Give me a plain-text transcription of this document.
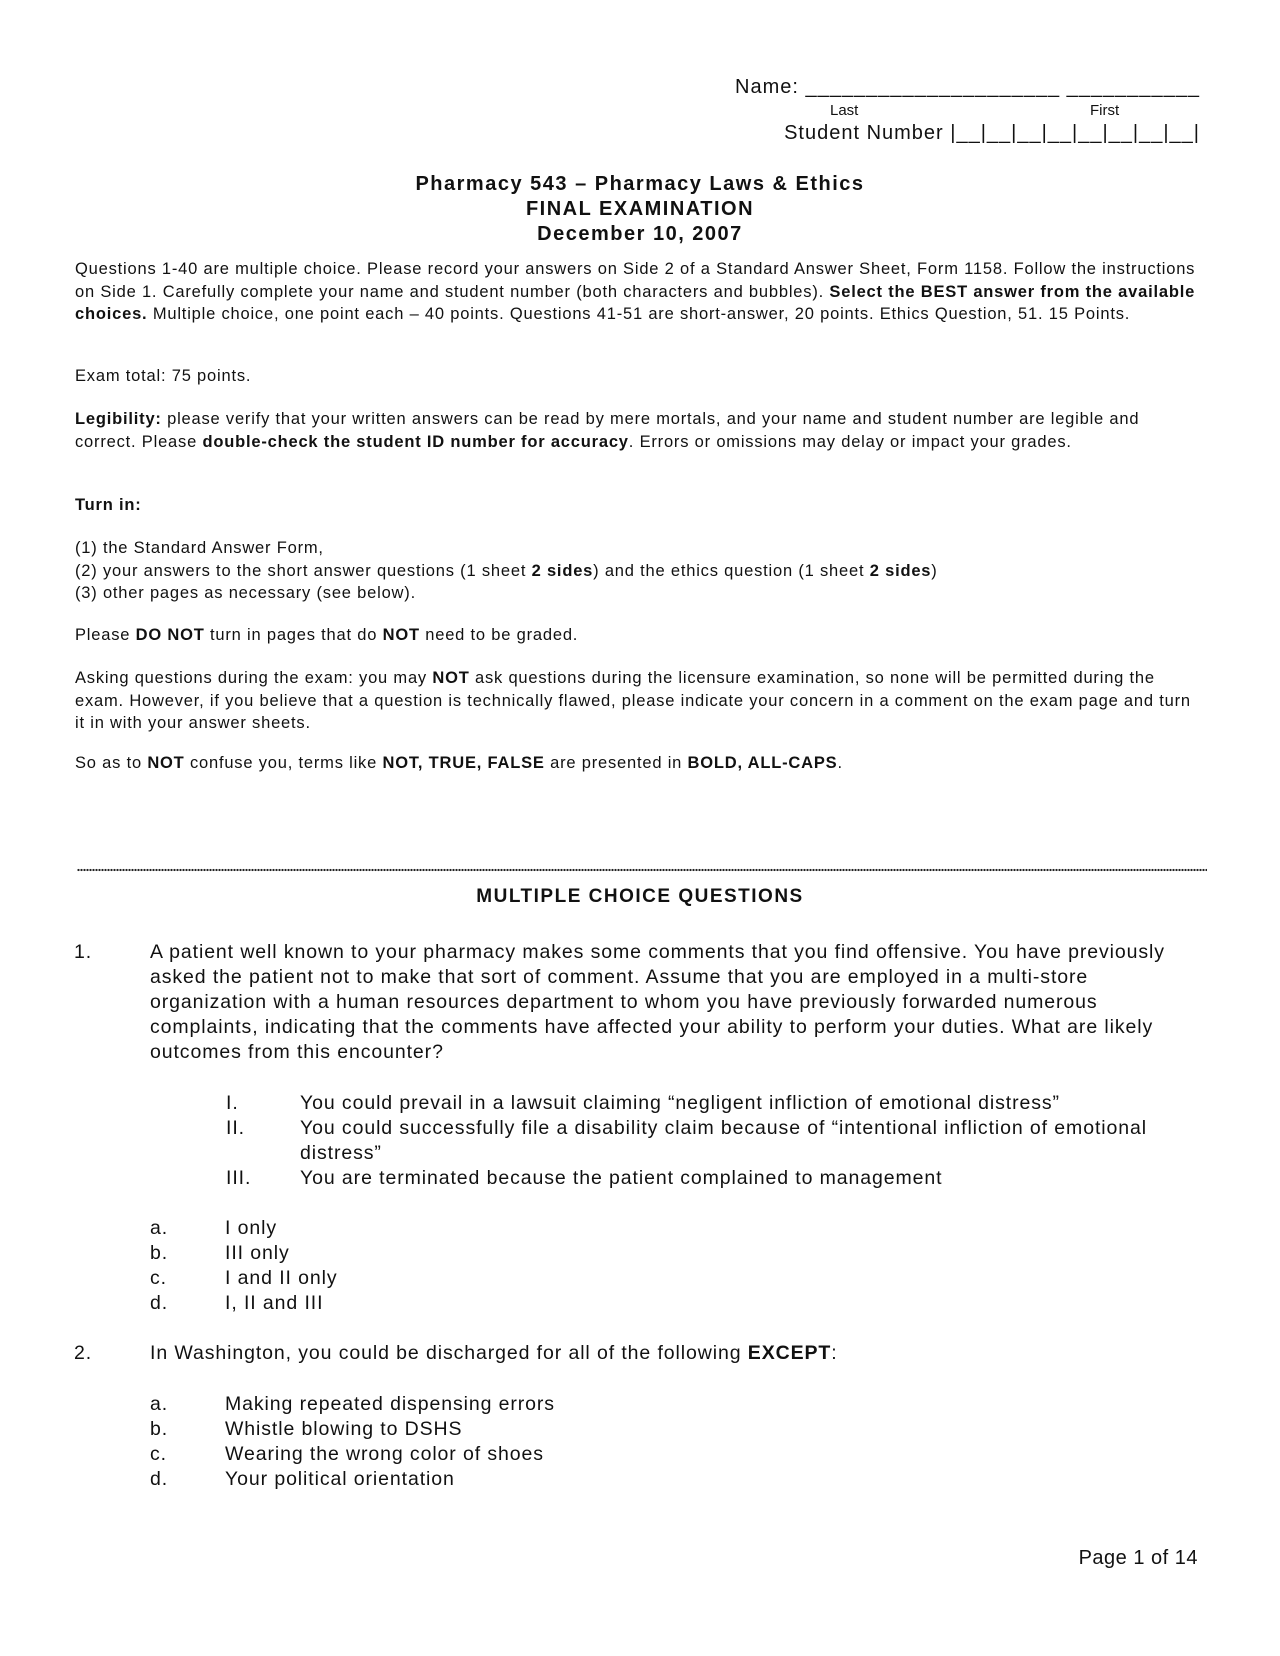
Name: _____________________ ___________
Last	First
Student Number |__|__|__|__|__|__|__|__|
Pharmacy 543 – Pharmacy Laws & Ethics
FINAL EXAMINATION
December 10, 2007

Questions 1-40 are multiple choice. Please record your answers on Side 2 of a Standard Answer Sheet, Form 1158. Follow the instructions on Side 1. Carefully complete your name and student number (both characters and bubbles). Select the BEST answer from the available choices. Multiple choice, one point each – 40 points. Questions 41-51 are short-answer, 20 points. Ethics Question, 51. 15 Points.

Exam total: 75 points.

Legibility: please verify that your written answers can be read by mere mortals, and your name and student number are legible and correct. Please double-check the student ID number for accuracy. Errors or omissions may delay or impact your grades.

Turn in:

(1) the Standard Answer Form,

(2) your answers to the short answer questions (1 sheet 2 sides) and the ethics question (1 sheet 2 sides)

(3) other pages as necessary (see below).

Please DO NOT turn in pages that do NOT need to be graded.

Asking questions during the exam: you may NOT ask questions during the licensure examination, so none will be permitted during the exam. However, if you believe that a question is technically flawed, please indicate your concern in a comment on the exam page and turn it in with your answer sheets.

So as to NOT confuse you, terms like NOT, TRUE, FALSE are presented in BOLD, ALL-CAPS.

MULTIPLE CHOICE QUESTIONS
1.	A patient well known to your pharmacy makes some comments that you find offensive. You have previously asked the patient not to make that sort of comment. Assume that you are employed in a multi-store organization with a human resources department to whom you have previously forwarded numerous complaints, indicating that the comments have affected your ability to perform your duties. What are likely outcomes from this encounter?
I.	You could prevail in a lawsuit claiming “negligent infliction of emotional distress”
II.	You could successfully file a disability claim because of “intentional infliction of emotional distress”
III. You are terminated because the patient complained to management
a.	I only
b.	III only
c.	I and II only
d.	I, II and III
2.	In Washington, you could be discharged for all of the following EXCEPT:
a.	Making repeated dispensing errors
b.	Whistle blowing to DSHS
c.	Wearing the wrong color of shoes
d.	Your political orientation
Page 1 of 14
